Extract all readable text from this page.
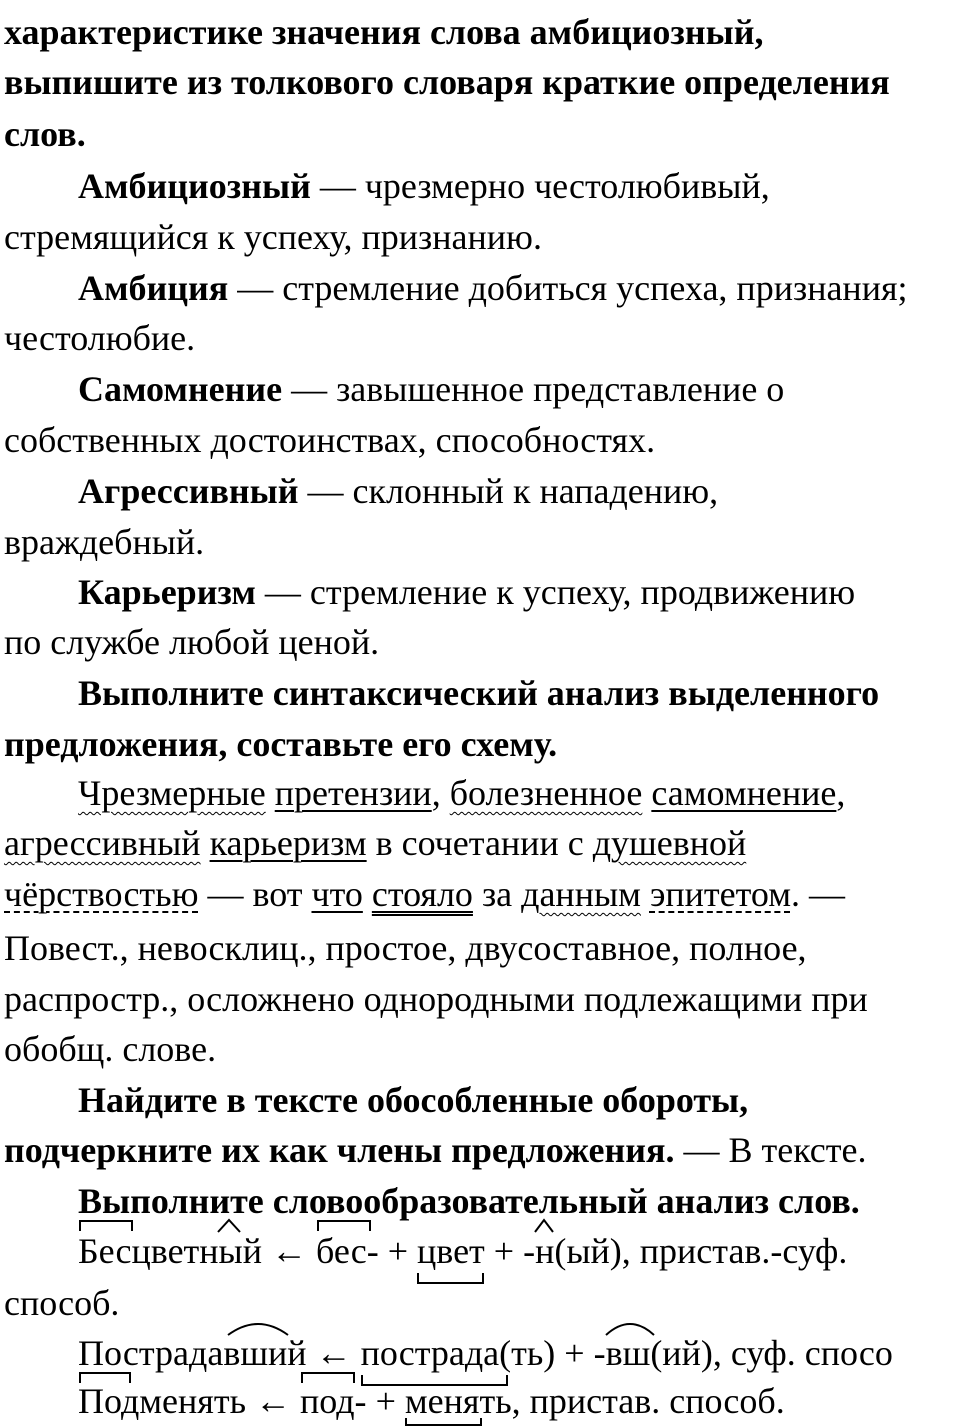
характеристике значения слова амбициозный,
выпишите из толкового словаря краткие определения
слов.
Амбициозный — чрезмерно честолюбивый,
стремящийся к успеху, признанию.
Амбиция — стремление добиться успеха, признания;
честолюбие.
Самомнение — завышенное представление о
собственных достоинствах, способностях.
Агрессивный — склонный к нападению,
враждебный.
Карьеризм — стремление к успеху, продвижению
по службе любой ценой.
Выполните синтаксический анализ выделенного
предложения, составьте его схему.
Чрезмерные претензии, болезненное самомнение,
агрессивный карьеризм в сочетании с душевной
чёрствостью — вот что стояло за данным эпитетом. —
Повест., невосклиц., простое, двусоставное, полное,
распростр., осложнено однородными подлежащими при
обобщ. слове.
Найдите в тексте обособленные обороты,
подчеркните их как члены предложения. — В тексте.
Выполните словообразовательный анализ слов.
Бесцветный
← бес-
+ цвет
+ -н
(ый), пристав.-суф.
способ.
Пострадавший
← пострада
(ть) + -вш
(ий), суф. спосо
Подменять
← под-
+ менять
, пристав. способ.
